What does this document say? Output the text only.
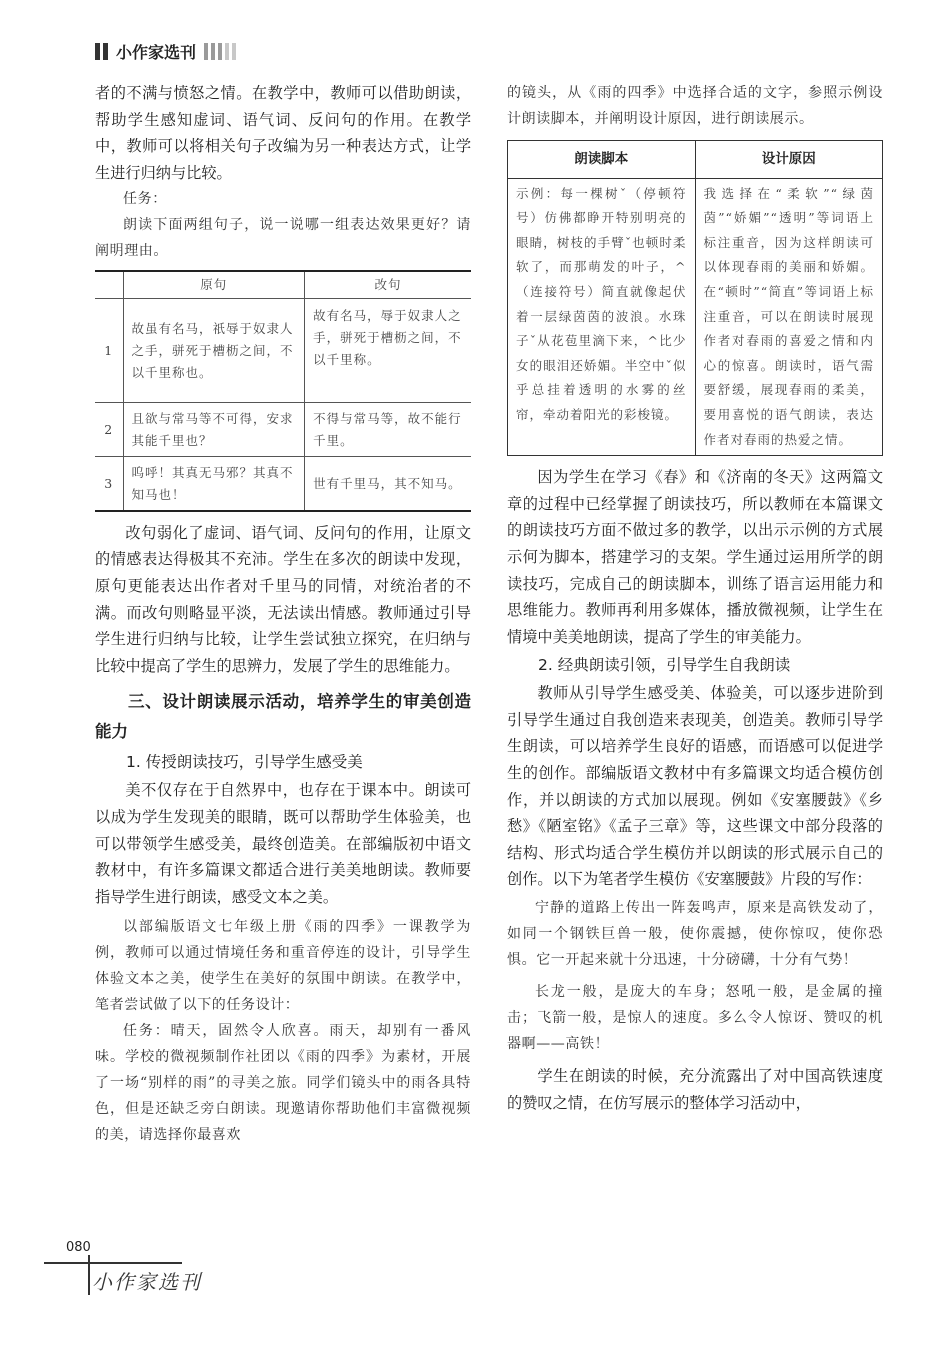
小作家选刊

者的不满与愤怒之情。在教学中，教师可以借助朗读，帮助学生感知虚词、语气词、反问句的作用。在教学中，教师可以将相关句子改编为另一种表达方式，让学生进行归纳与比较。

任务：

朗读下面两组句子，说一说哪一组表达效果更好？请阐明理由。

	原句	改句
1	故虽有名马，祇辱于奴隶人之手，骈死于槽枥之间，不以千里称也。	故有名马，辱于奴隶人之手，骈死于槽枥之间，不以千里称。
2	且欲与常马等不可得，安求其能千里也？	不得与常马等，故不能行千里。
3	呜呼！其真无马邪？其真不知马也！	世有千里马，其不知马。

改句弱化了虚词、语气词、反问句的作用，让原文的情感表达得极其不充沛。学生在多次的朗读中发现，原句更能表达出作者对千里马的同情，对统治者的不满。而改句则略显平淡，无法读出情感。教师通过引导学生进行归纳与比较，让学生尝试独立探究，在归纳与比较中提高了学生的思辨力，发展了学生的思维能力。

三、设计朗读展示活动，培养学生的审美创造能力

1. 传授朗读技巧，引导学生感受美

美不仅存在于自然界中，也存在于课本中。朗读可以成为学生发现美的眼睛，既可以帮助学生体验美，也可以带领学生感受美，最终创造美。在部编版初中语文教材中，有许多篇课文都适合进行美美地朗读。教师要指导学生进行朗读，感受文本之美。

以部编版语文七年级上册《雨的四季》一课教学为例，教师可以通过情境任务和重音停连的设计，引导学生体验文本之美，使学生在美好的氛围中朗读。在教学中，笔者尝试做了以下的任务设计：

任务：晴天，固然令人欣喜。雨天，却别有一番风味。学校的微视频制作社团以《雨的四季》为素材，开展了一场“别样的雨”的寻美之旅。同学们镜头中的雨各具特色，但是还缺乏旁白朗读。现邀请你帮助他们丰富微视频的美，请选择你最喜欢

的镜头，从《雨的四季》中选择合适的文字，参照示例设计朗读脚本，并阐明设计原因，进行朗读展示。

朗读脚本	设计原因
示例：每一棵树ˇ（停顿符号）仿佛都睁开特别明亮的眼睛，树枝的手臂ˇ也顿时柔软了，而那萌发的叶子，^（连接符号）简直就像起伏着一层绿茵茵的波浪。水珠子ˇ从花苞里滴下来，^比少女的眼泪还娇媚。半空中ˇ似乎总挂着透明的水雾的丝帘，牵动着阳光的彩梭镜。	我选择在“柔软”“绿茵茵”“娇媚”“透明”等词语上标注重音，因为这样朗读可以体现春雨的美丽和娇媚。在“顿时”“简直”等词语上标注重音，可以在朗读时展现作者对春雨的喜爱之情和内心的惊喜。朗读时，语气需要舒缓，展现春雨的柔美，要用喜悦的语气朗读，表达作者对春雨的热爱之情。

因为学生在学习《春》和《济南的冬天》这两篇文章的过程中已经掌握了朗读技巧，所以教师在本篇课文的朗读技巧方面不做过多的教学，以出示示例的方式展示何为脚本，搭建学习的支架。学生通过运用所学的朗读技巧，完成自己的朗读脚本，训练了语言运用能力和思维能力。教师再利用多媒体，播放微视频，让学生在情境中美美地朗读，提高了学生的审美能力。

2. 经典朗读引领，引导学生自我朗读

教师从引导学生感受美、体验美，可以逐步进阶到引导学生通过自我创造来表现美，创造美。教师引导学生朗读，可以培养学生良好的语感，而语感可以促进学生的创作。部编版语文教材中有多篇课文均适合模仿创作，并以朗读的方式加以展现。例如《安塞腰鼓》《乡愁》《陋室铭》《孟子三章》等，这些课文中部分段落的结构、形式均适合学生模仿并以朗读的形式展示自己的创作。以下为笔者学生模仿《安塞腰鼓》片段的写作：

宁静的道路上传出一阵轰鸣声，原来是高铁发动了，如同一个钢铁巨兽一般，使你震撼，使你惊叹，使你恐惧。它一开起来就十分迅速，十分磅礴，十分有气势！

长龙一般，是庞大的车身；怒吼一般，是金属的撞击；飞箭一般，是惊人的速度。多么令人惊讶、赞叹的机器啊——高铁！

学生在朗读的时候，充分流露出了对中国高铁速度的赞叹之情，在仿写展示的整体学习活动中，

080
小作家选刊
